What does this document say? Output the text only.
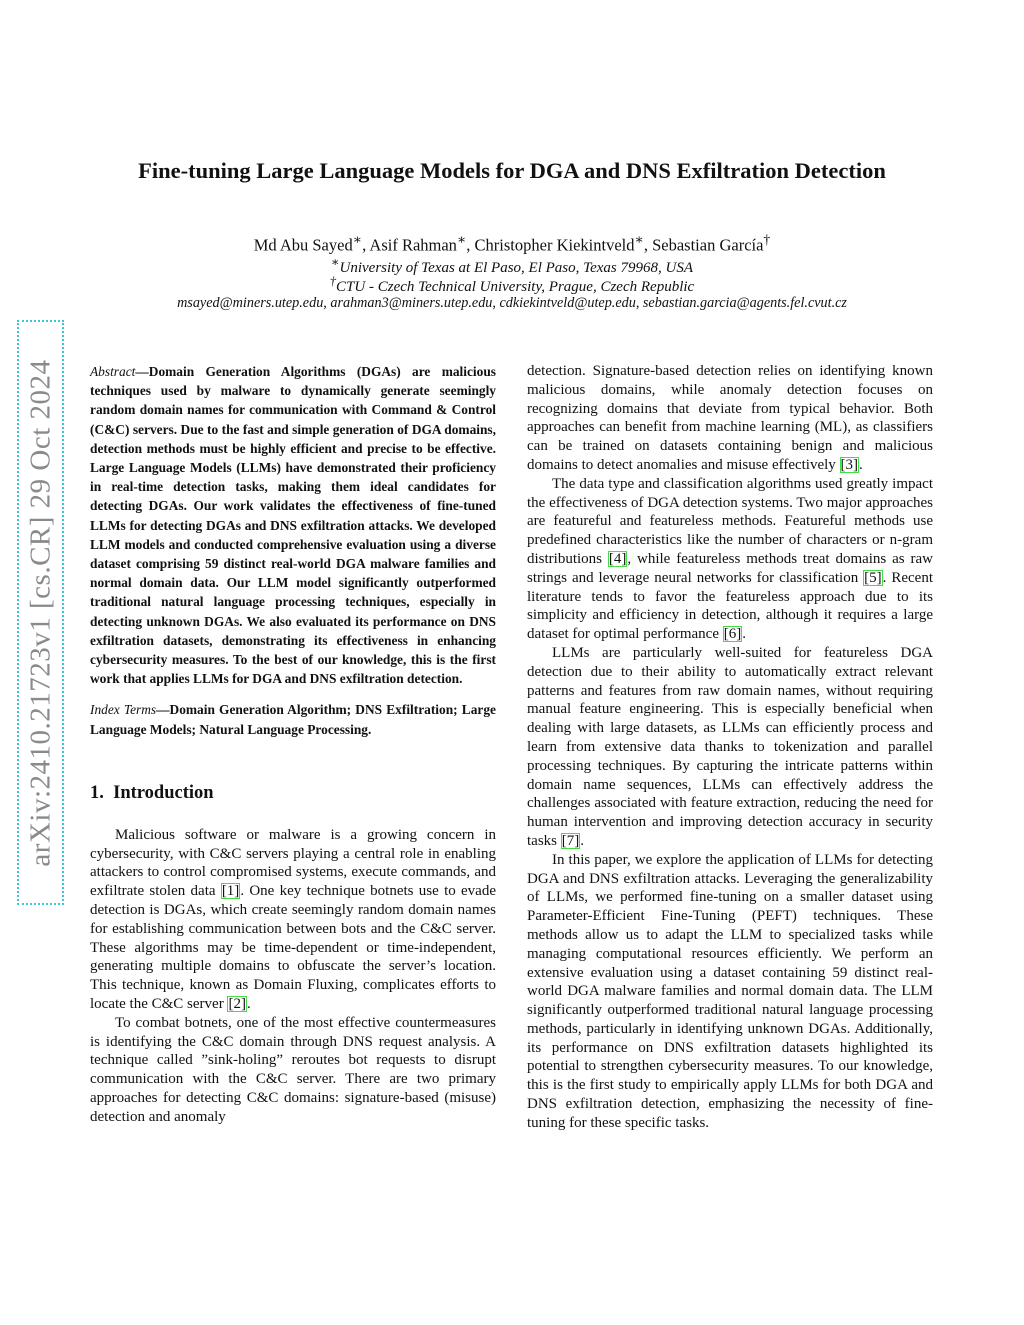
arXiv:2410.21723v1 [cs.CR] 29 Oct 2024
Fine-tuning Large Language Models for DGA and DNS Exfiltration Detection
Md Abu Sayed∗, Asif Rahman∗, Christopher Kiekintveld∗, Sebastian García†
∗University of Texas at El Paso, El Paso, Texas 79968, USA
†CTU - Czech Technical University, Prague, Czech Republic
msayed@miners.utep.edu, arahman3@miners.utep.edu, cdkiekintveld@utep.edu, sebastian.garcia@agents.fel.cvut.cz

Abstract—Domain Generation Algorithms (DGAs) are malicious techniques used by malware to dynamically generate seemingly random domain names for communication with Command & Control (C&C) servers. Due to the fast and simple generation of DGA domains, detection methods must be highly efficient and precise to be effective. Large Language Models (LLMs) have demonstrated their proficiency in real-time detection tasks, making them ideal candidates for detecting DGAs. Our work validates the effectiveness of fine-tuned LLMs for detecting DGAs and DNS exfiltration attacks. We developed LLM models and conducted comprehensive evaluation using a diverse dataset comprising 59 distinct real-world DGA malware families and normal domain data. Our LLM model significantly outperformed traditional natural language processing techniques, especially in detecting unknown DGAs. We also evaluated its performance on DNS exfiltration datasets, demonstrating its effectiveness in enhancing cybersecurity measures. To the best of our knowledge, this is the first work that applies LLMs for DGA and DNS exfiltration detection.

Index Terms—Domain Generation Algorithm; DNS Exfiltration; Large Language Models; Natural Language Processing.

1. Introduction

Malicious software or malware is a growing concern in cybersecurity, with C&C servers playing a central role in enabling attackers to control compromised systems, execute commands, and exfiltrate stolen data [1]. One key technique botnets use to evade detection is DGAs, which create seemingly random domain names for establishing communication between bots and the C&C server. These algorithms may be time-dependent or time-independent, generating multiple domains to obfuscate the server’s location. This technique, known as Domain Fluxing, complicates efforts to locate the C&C server [2].

To combat botnets, one of the most effective countermeasures is identifying the C&C domain through DNS request analysis. A technique called ”sink-holing” reroutes bot requests to disrupt communication with the C&C server. There are two primary approaches for detecting C&C domains: signature-based (misuse) detection and anomaly

detection. Signature-based detection relies on identifying known malicious domains, while anomaly detection focuses on recognizing domains that deviate from typical behavior. Both approaches can benefit from machine learning (ML), as classifiers can be trained on datasets containing benign and malicious domains to detect anomalies and misuse effectively [3].

The data type and classification algorithms used greatly impact the effectiveness of DGA detection systems. Two major approaches are featureful and featureless methods. Featureful methods use predefined characteristics like the number of characters or n-gram distributions [4], while featureless methods treat domains as raw strings and leverage neural networks for classification [5]. Recent literature tends to favor the featureless approach due to its simplicity and efficiency in detection, although it requires a large dataset for optimal performance [6].

LLMs are particularly well-suited for featureless DGA detection due to their ability to automatically extract relevant patterns and features from raw domain names, without requiring manual feature engineering. This is especially beneficial when dealing with large datasets, as LLMs can efficiently process and learn from extensive data thanks to tokenization and parallel processing techniques. By capturing the intricate patterns within domain name sequences, LLMs can effectively address the challenges associated with feature extraction, reducing the need for human intervention and improving detection accuracy in security tasks [7].

In this paper, we explore the application of LLMs for detecting DGA and DNS exfiltration attacks. Leveraging the generalizability of LLMs, we performed fine-tuning on a smaller dataset using Parameter-Efficient Fine-Tuning (PEFT) techniques. These methods allow us to adapt the LLM to specialized tasks while managing computational resources efficiently. We perform an extensive evaluation using a dataset containing 59 distinct real-world DGA malware families and normal domain data. The LLM significantly outperformed traditional natural language processing methods, particularly in identifying unknown DGAs. Additionally, its performance on DNS exfiltration datasets highlighted its potential to strengthen cybersecurity measures. To our knowledge, this is the first study to empirically apply LLMs for both DGA and DNS exfiltration detection, emphasizing the necessity of fine-tuning for these specific tasks.
